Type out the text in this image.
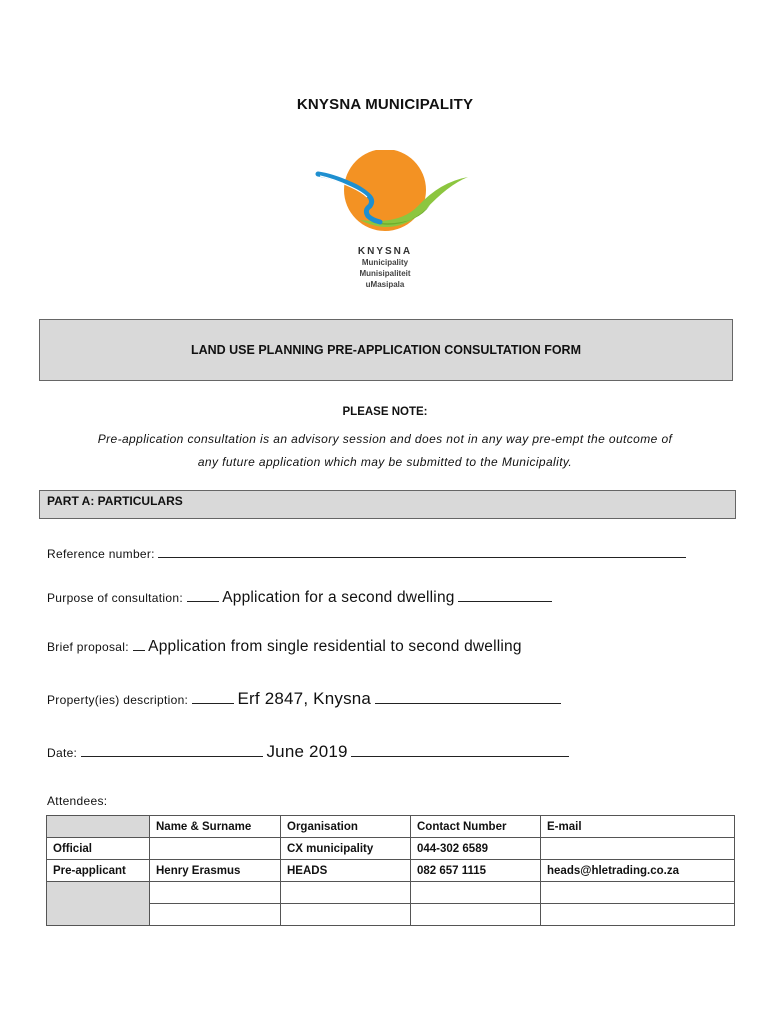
KNYSNA MUNICIPALITY
KNYSNA
Municipality
Munisipaliteit
uMasipala
LAND USE PLANNING PRE-APPLICATION CONSULTATION FORM
PLEASE NOTE:
Pre-application consultation is an advisory session and does not in any way pre-empt the outcome of
any future application which may be submitted to the Municipality.
PART A: PARTICULARS
Reference number:
Purpose of consultation:	Application for a second dwelling
Brief proposal: Application from single residential to second dwelling
Property(ies) description:	Erf 2847, Knysna
Date:	June 2019
Attendees:
	Name & Surname	Organisation	Contact Number	E-mail
Official		CX municipality	044-302 6589	
Pre-applicant	Henry Erasmus	HEADS	082 657 1115	heads@hletrading.co.za
